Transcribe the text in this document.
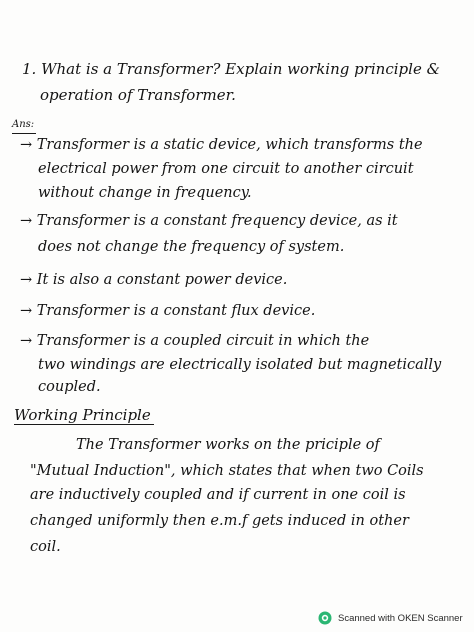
1. What is a Transformer? Explain working principle &
operation of Transformer.
Ans:
→ Transformer is a static device, which transforms the
electrical power from one circuit to another circuit
without change in frequency.
→ Transformer is a constant frequency device, as it
does not change the frequency of system.
→ It is also a constant power device.
→ Transformer is a constant flux device.
→ Transformer is a coupled circuit in which the
two windings are electrically isolated but magnetically
coupled.
Working Principle
The Transformer works on the priciple of
"Mutual Induction", which states that when two Coils
are inductively coupled and if current in one coil is
changed uniformly then e.m.f gets induced in other
coil.
Scanned with OKEN Scanner
